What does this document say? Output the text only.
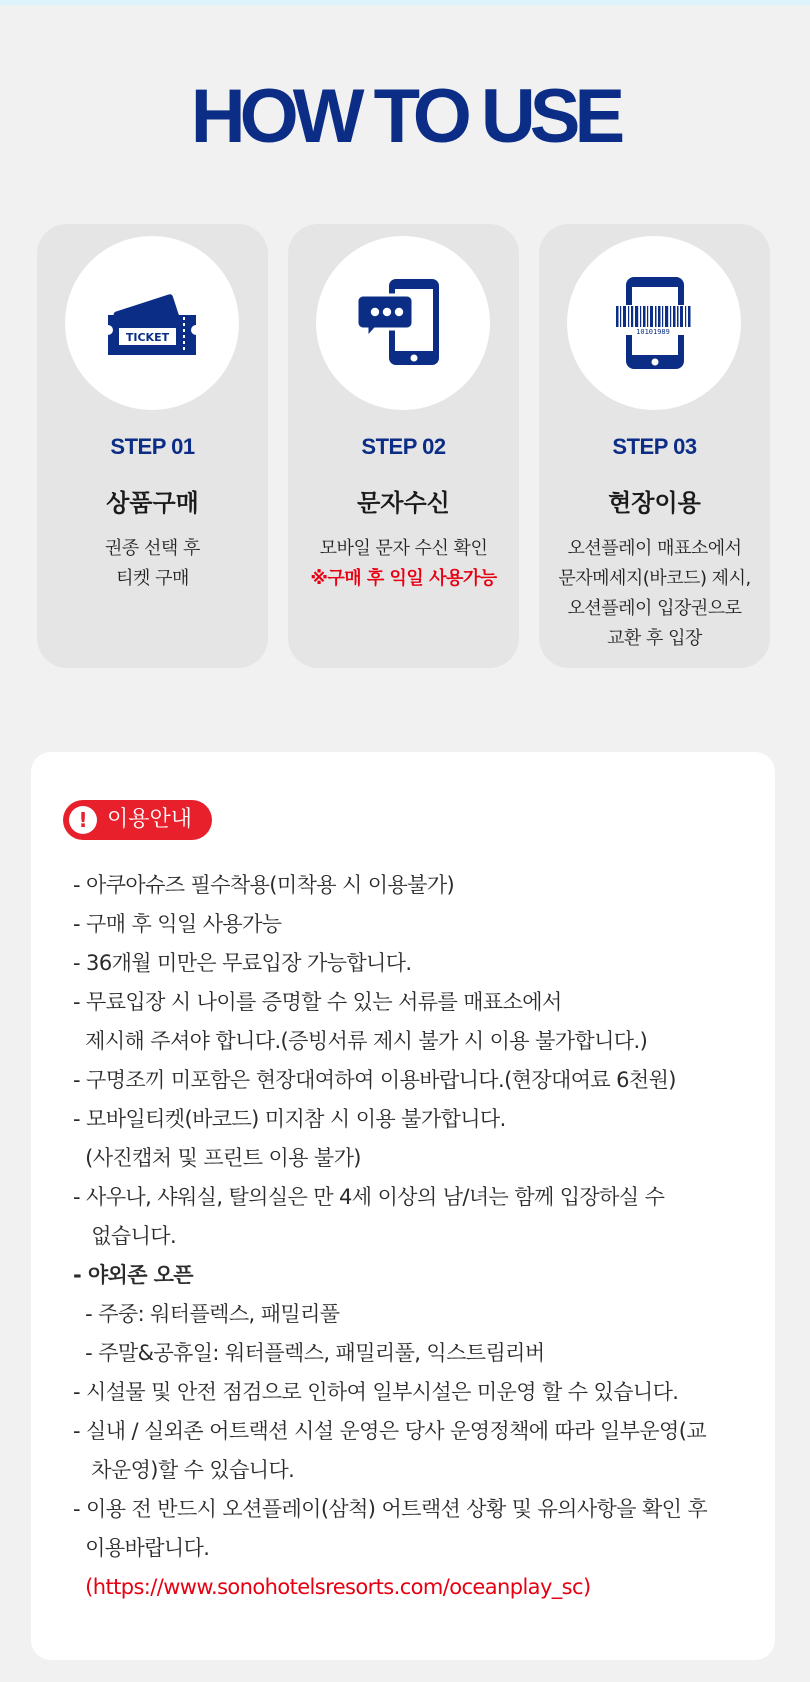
HOW TO USE
TICKET
STEP 01
상품구매
권종 선택 후
티켓 구매
STEP 02
문자수신
모바일 문자 수신 확인
※구매 후 익일 사용가능
10101989
STEP 03
현장이용
오션플레이 매표소에서
문자메세지(바코드) 제시,
오션플레이 입장권으로
교환 후 입장
! 이용안내
- 아쿠아슈즈 필수착용(미착용 시 이용불가)
- 구매 후 익일 사용가능
- 36개월 미만은 무료입장 가능합니다.
- 무료입장 시 나이를 증명할 수 있는 서류를 매표소에서
제시해 주셔야 합니다.(증빙서류 제시 불가 시 이용 불가합니다.)
- 구명조끼 미포함은 현장대여하여 이용바랍니다.(현장대여료 6천원)
- 모바일티켓(바코드) 미지참 시 이용 불가합니다.
(사진캡처 및 프린트 이용 불가)
- 사우나, 샤워실, 탈의실은 만 4세 이상의 남/녀는 함께 입장하실 수
없습니다.
- 야외존 오픈
- 주중: 워터플렉스, 패밀리풀
- 주말&공휴일: 워터플렉스, 패밀리풀, 익스트림리버
- 시설물 및 안전 점검으로 인하여 일부시설은 미운영 할 수 있습니다.
- 실내 / 실외존 어트랙션 시설 운영은 당사 운영정책에 따라 일부운영(교
차운영)할 수 있습니다.
- 이용 전 반드시 오션플레이(삼척) 어트랙션 상황 및 유의사항을 확인 후
이용바랍니다.
(https://www.sonohotelsresorts.com/oceanplay_sc)
